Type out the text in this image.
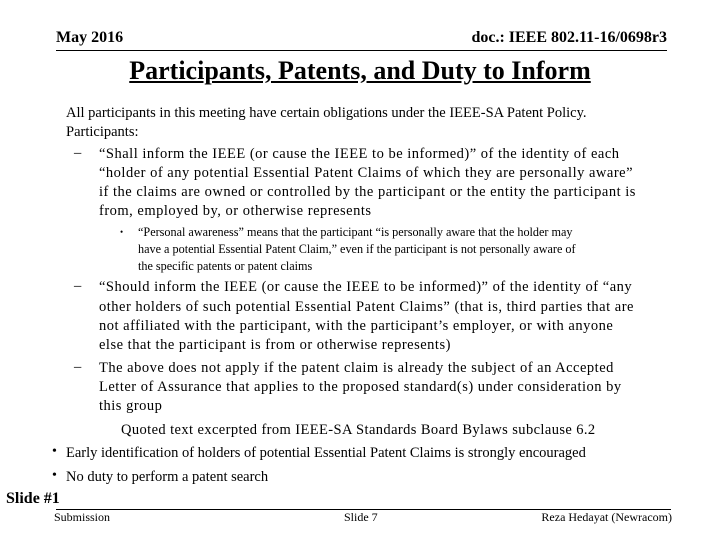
May 2016	doc.: IEEE 802.11-16/0698r3
Participants, Patents, and Duty to Inform
All participants in this meeting have certain obligations under the IEEE-SA Patent Policy.
Participants:
– “Shall inform the IEEE (or cause the IEEE to be informed)” of the identity of each
“holder of any potential Essential Patent Claims of which they are personally aware”
if the claims are owned or controlled by the participant or the entity the participant is
from, employed by, or otherwise represents
• “Personal awareness” means that the participant “is personally aware that the holder may
have a potential Essential Patent Claim,” even if the participant is not personally aware of
the specific patents or patent claims
– “Should inform the IEEE (or cause the IEEE to be informed)” of the identity of “any
other holders of such potential Essential Patent Claims” (that is, third parties that are
not affiliated with the participant, with the participant’s employer, or with anyone
else that the participant is from or otherwise represents)
– The above does not apply if the patent claim is already the subject of an Accepted
Letter of Assurance that applies to the proposed standard(s) under consideration by
this group
Quoted text excerpted from IEEE-SA Standards Board Bylaws subclause 6.2
• Early identification of holders of potential Essential Patent Claims is strongly encouraged
• No duty to perform a patent search
Slide #1
Submission	Slide 7	Reza Hedayat (Newracom)
